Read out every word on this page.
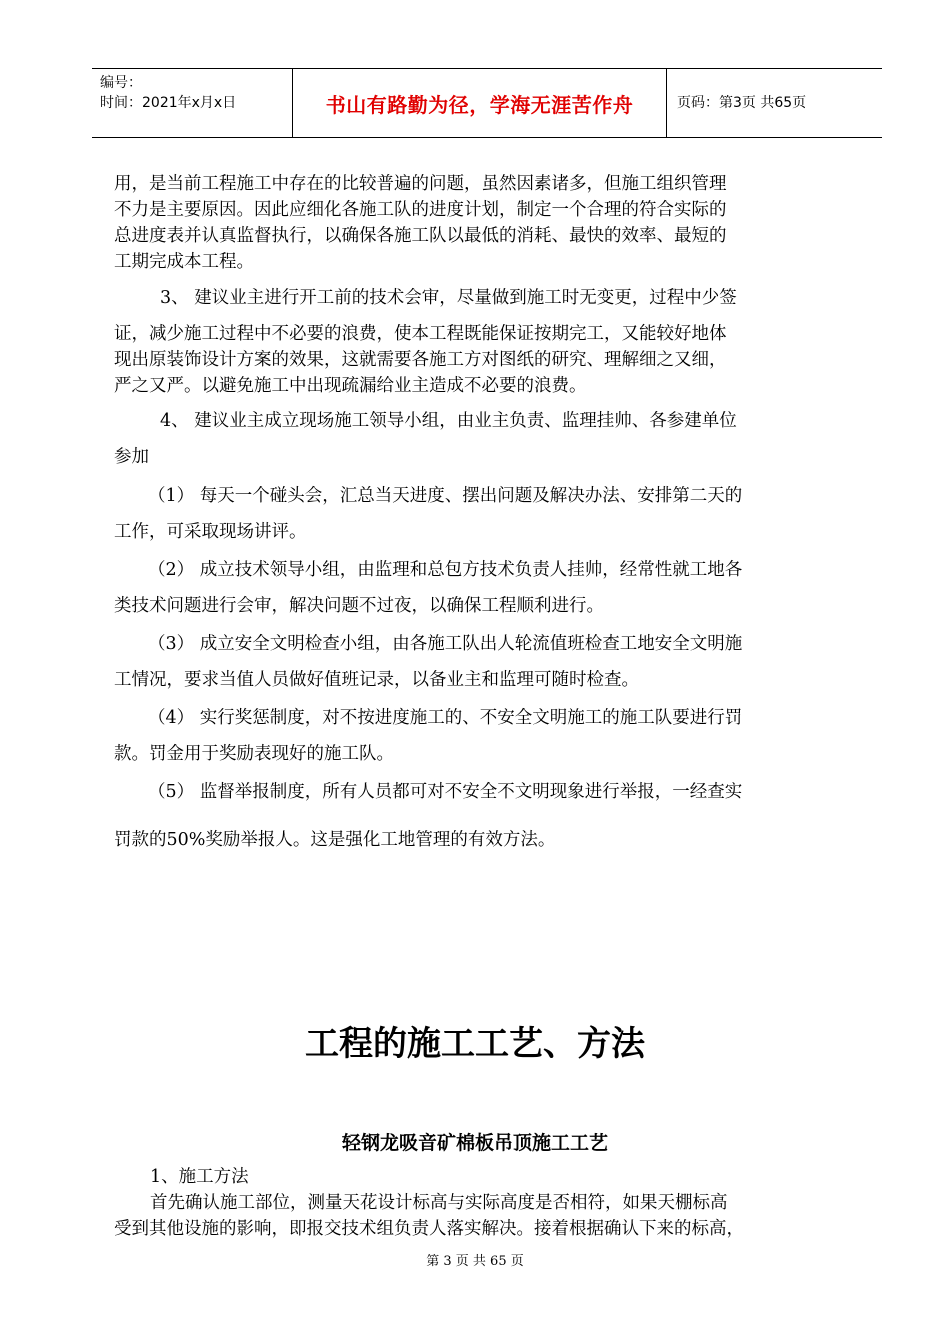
编号：
时间：2021年x月x日	书山有路勤为径，学海无涯苦作舟	页码：第3页 共65页
用，是当前工程施工中存在的比较普遍的问题，虽然因素诸多，但施工组织管理
不力是主要原因。因此应细化各施工队的进度计划，制定一个合理的符合实际的
总进度表并认真监督执行，以确保各施工队以最低的消耗、最快的效率、最短的
工期完成本工程。
3、 建议业主进行开工前的技术会审，尽量做到施工时无变更，过程中少签
证，减少施工过程中不必要的浪费，使本工程既能保证按期完工，又能较好地体
现出原装饰设计方案的效果，这就需要各施工方对图纸的研究、理解细之又细，
严之又严。以避免施工中出现疏漏给业主造成不必要的浪费。
4、 建议业主成立现场施工领导小组，由业主负责、监理挂帅、各参建单位
参加
（1） 每天一个碰头会，汇总当天进度、摆出问题及解决办法、安排第二天的
工作，可采取现场讲评。
（2） 成立技术领导小组，由监理和总包方技术负责人挂帅，经常性就工地各
类技术问题进行会审，解决问题不过夜，以确保工程顺利进行。
（3） 成立安全文明检查小组，由各施工队出人轮流值班检查工地安全文明施
工情况，要求当值人员做好值班记录，以备业主和监理可随时检查。
（4） 实行奖惩制度，对不按进度施工的、不安全文明施工的施工队要进行罚
款。罚金用于奖励表现好的施工队。
（5） 监督举报制度，所有人员都可对不安全不文明现象进行举报，一经查实
罚款的50%奖励举报人。这是强化工地管理的有效方法。
工程的施工工艺、方法
轻钢龙吸音矿棉板吊顶施工工艺
1、施工方法
首先确认施工部位，测量天花设计标高与实际高度是否相符，如果天棚标高
受到其他设施的影响，即报交技术组负责人落实解决。接着根据确认下来的标高，
第 3 页 共 65 页
